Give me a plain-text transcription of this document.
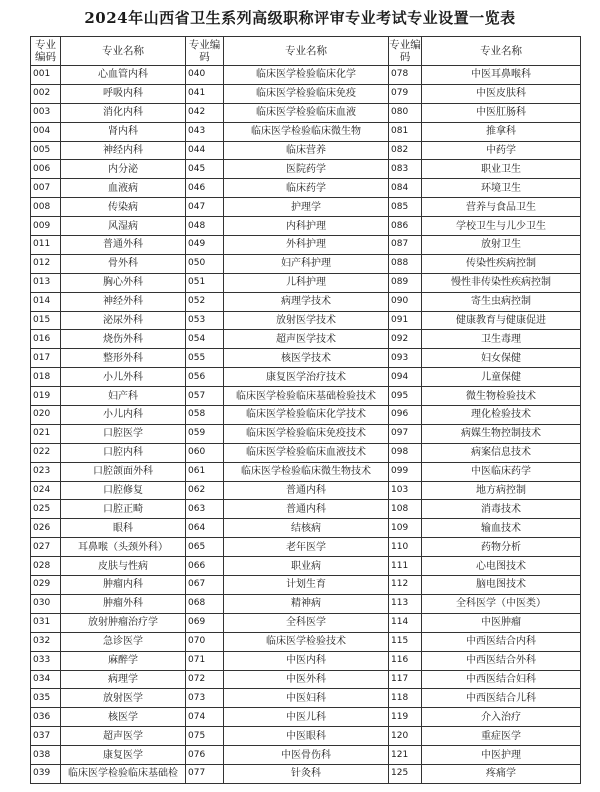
2024年山西省卫生系列高级职称评审专业考试专业设置一览表
专业编码	专业名称	专业编码	专业名称	专业编码	专业名称
001	心血管内科	040	临床医学检验临床化学	078	中医耳鼻喉科
002	呼吸内科	041	临床医学检验临床免疫	079	中医皮肤科
003	消化内科	042	临床医学检验临床血液	080	中医肛肠科
004	肾内科	043	临床医学检验临床微生物	081	推拿科
005	神经内科	044	临床营养	082	中药学
006	内分泌	045	医院药学	083	职业卫生
007	血液病	046	临床药学	084	环境卫生
008	传染病	047	护理学	085	营养与食品卫生
009	风湿病	048	内科护理	086	学校卫生与儿少卫生
011	普通外科	049	外科护理	087	放射卫生
012	骨外科	050	妇产科护理	088	传染性疾病控制
013	胸心外科	051	儿科护理	089	慢性非传染性疾病控制
014	神经外科	052	病理学技术	090	寄生虫病控制
015	泌尿外科	053	放射医学技术	091	健康教育与健康促进
016	烧伤外科	054	超声医学技术	092	卫生毒理
017	整形外科	055	核医学技术	093	妇女保健
018	小儿外科	056	康复医学治疗技术	094	儿童保健
019	妇产科	057	临床医学检验临床基础检验技术	095	微生物检验技术
020	小儿内科	058	临床医学检验临床化学技术	096	理化检验技术
021	口腔医学	059	临床医学检验临床免疫技术	097	病媒生物控制技术
022	口腔内科	060	临床医学检验临床血液技术	098	病案信息技术
023	口腔颌面外科	061	临床医学检验临床微生物技术	099	中医临床药学
024	口腔修复	062	普通内科	103	地方病控制
025	口腔正畸	063	普通内科	108	消毒技术
026	眼科	064	结核病	109	输血技术
027	耳鼻喉（头颈外科）	065	老年医学	110	药物分析
028	皮肤与性病	066	职业病	111	心电图技术
029	肿瘤内科	067	计划生育	112	脑电图技术
030	肿瘤外科	068	精神病	113	全科医学（中医类）
031	放射肿瘤治疗学	069	全科医学	114	中医肿瘤
032	急诊医学	070	临床医学检验技术	115	中西医结合内科
033	麻醉学	071	中医内科	116	中西医结合外科
034	病理学	072	中医外科	117	中西医结合妇科
035	放射医学	073	中医妇科	118	中西医结合儿科
036	核医学	074	中医儿科	119	介入治疗
037	超声医学	075	中医眼科	120	重症医学
038	康复医学	076	中医骨伤科	121	中医护理
039	临床医学检验临床基础检	077	针灸科	125	疼痛学
